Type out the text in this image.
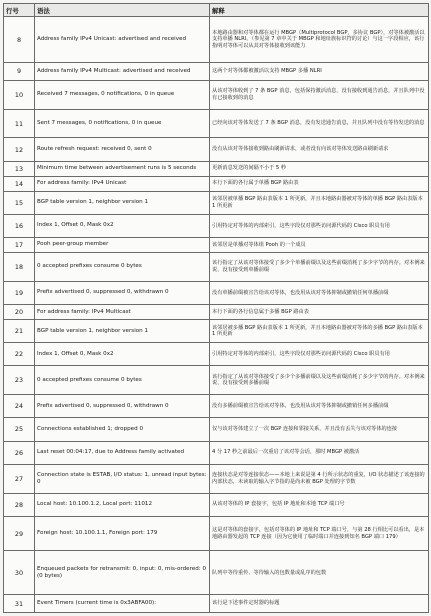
行号	语法	解释
8	Address family IPv4 Unicast: advertised and received	本地路由器和对等体都在运行 MBGP（Multiprotocol BGP，多协议 BGP），对等体被激活以支持单播 NLRI。（参见第 7 章中关于 MBGP 和地址族标识符的讨论）与这一字段相应，该行指明对等体可以从其对等体接收到该能力
9	Address family IPv4 Multicast: advertised and received	这两个对等体都被激活以支持 MBGP 多播 NLRI
10	Received 7 messages, 0 notifications, 0 in queue	从该对等体收到了 7 条 BGP 消息，包括保持激活消息，没有接收到通告消息，并且队列中没有已接收到的消息
11	Sent 7 messages, 0 notifications, 0 in queue	已经向该对等体发送了 7 条 BGP 消息，没有发送通告消息，并且队列中没有等待发送的消息
12	Route refresh request: received 0, sent 0	没有从该对等体接收到路由刷新请求，或者没有向该对等体发送路由刷新请求
13	Minimum time between advertisement runs is 5 seconds	更新消息发送的间隔不小于 5 秒
14	For address family: IPv4 Unicast	本行下面的各行属于单播 BGP 路由表
15	BGP table version 1, neighbor version 1	该邻居被单播 BGP 路由表版本 1 所更新，并且本地路由器被对等体的单播 BGP 路由表版本 1 所更新
16	Index 1, Offset 0, Mask 0x2	引用特定对等体的内部索引，这些字段仅对那些访问源代码的 Cisco 职员有用
17	Pooh peer-group member	该邻居是单播对等体组 Pooh 的一个成员
18	0 accepted prefixes consume 0 bytes	该行指定了从该对等体接受了多少个单播前缀以及这些前缀消耗了多少字节的内存。对本例来说，没有接受到单播前缀
19	Prefix advertised 0, suppressed 0, withdrawn 0	没有单播前缀被宣告给该对等体，也没用从该对等体抑制或撤销任何单播前缀
20	For address family: IPv4 Multicast	本行下面的各行信息属于多播 BGP 路由表
21	BGP table version 1, neighbor version 1	该邻居被多播 BGP 路由表版本 1 所更新，并且本地路由器被对等体的多播 BGP 路由表版本 1 所更新
22	Index 1, Offset 0, Mask 0x2	引用特定对等体的内部索引，这些字段仅对那些访问源代码的 Cisco 职员有用
23	0 accepted prefixes consume 0 bytes	该行指定了从该对等体接受了多少个多播前缀以及这些前缀消耗了多少字节的内存。对本例来说，没有接受到多播前缀
24	Prefix advertised 0, suppressed 0, withdrawn 0	没有多播前缀被宣告给该对等体，也没用从该对等体抑制或撤销任何多播前缀
25	Connections established 1; dropped 0	仅与该对等体建立了一次 BGP 连接和邻接关系，并且没有丢失与该对等体的连接
26	Last reset 00:04:17, due to Address family activated	4 分 17 秒之前最后一次重启了该对等会话，那时 MBGP 被激活
27	Connection state is ESTAB, I/O status: 1, unread input bytes: 0	连接状态是对等连接状态——本地上来说是第 4 行所示状态的重复，I/O 状态描述了该连接的内部状态，未读取的输入字节指的是尚未被 BGP 处理的字节数
28	Local host: 10.100.1.2, Local port: 11012	从该对等体的 IP 套接字，包括 IP 地址和本地 TCP 端口号
29	Foreign host: 10.100.1.1, Foreign port: 179	这是对等体的套接字，包括对等体的 IP 地址和 TCP 端口号，与第 28 行相比可以看出，是本地路由器发起的 TCP 连接（因为它使用了临时端口并连接到知名 BGP 端口 179）
30	Enqueued packets for retransmit: 0, input: 0, mis-ordered: 0 (0 bytes)	队列中等待重传、等待输入的包数量或乱序的包数
31	Event Timers (current time is 0x3ABFA00):	该行是下述事件定时器的标题
